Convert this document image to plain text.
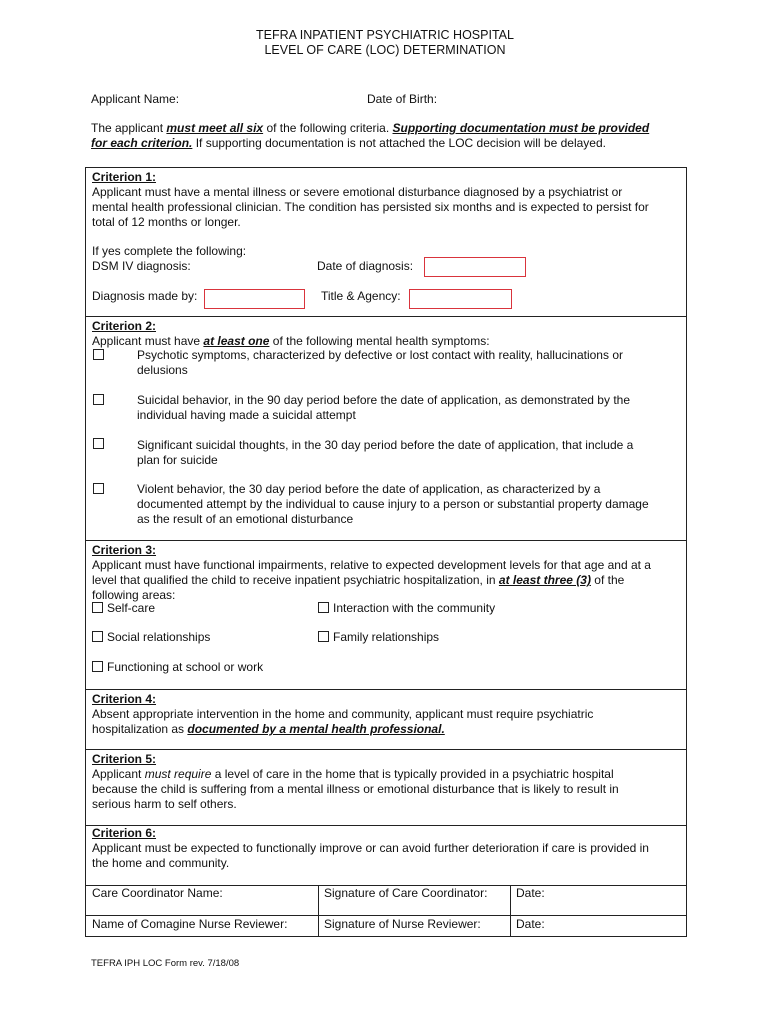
TEFRA INPATIENT PSYCHIATRIC HOSPITAL
LEVEL OF CARE (LOC) DETERMINATION
Applicant Name:	Date of Birth:
The applicant must meet all six of the following criteria. Supporting documentation must be provided
for each criterion. If supporting documentation is not attached the LOC decision will be delayed.
Criterion 1:
Applicant must have a mental illness or severe emotional disturbance diagnosed by a psychiatrist or
mental health professional clinician. The condition has persisted six months and is expected to persist for
total of 12 months or longer.
If yes complete the following:
DSM IV diagnosis:	Date of diagnosis:
Diagnosis made by:	Title & Agency:
Criterion 2:
Applicant must have at least one of the following mental health symptoms:
Psychotic symptoms, characterized by defective or lost contact with reality, hallucinations or
delusions
Suicidal behavior, in the 90 day period before the date of application, as demonstrated by the
individual having made a suicidal attempt
Significant suicidal thoughts, in the 30 day period before the date of application, that include a
plan for suicide
Violent behavior, the 30 day period before the date of application, as characterized by a
documented attempt by the individual to cause injury to a person or substantial property damage
as the result of an emotional disturbance
Criterion 3:
Applicant must have functional impairments, relative to expected development levels for that age and at a
level that qualified the child to receive inpatient psychiatric hospitalization, in at least three (3) of the
following areas:
Self-care	Interaction with the community
Social relationships	Family relationships
Functioning at school or work
Criterion 4:
Absent appropriate intervention in the home and community, applicant must require psychiatric
hospitalization as documented by a mental health professional.
Criterion 5:
Applicant must require a level of care in the home that is typically provided in a psychiatric hospital
because the child is suffering from a mental illness or emotional disturbance that is likely to result in
serious harm to self others.
Criterion 6:
Applicant must be expected to functionally improve or can avoid further deterioration if care is provided in
the home and community.
Care Coordinator Name:	Signature of Care Coordinator: Date:
Name of Comagine Nurse Reviewer:	Signature of Nurse Reviewer:	Date:
TEFRA IPH LOC Form rev. 7/18/08
